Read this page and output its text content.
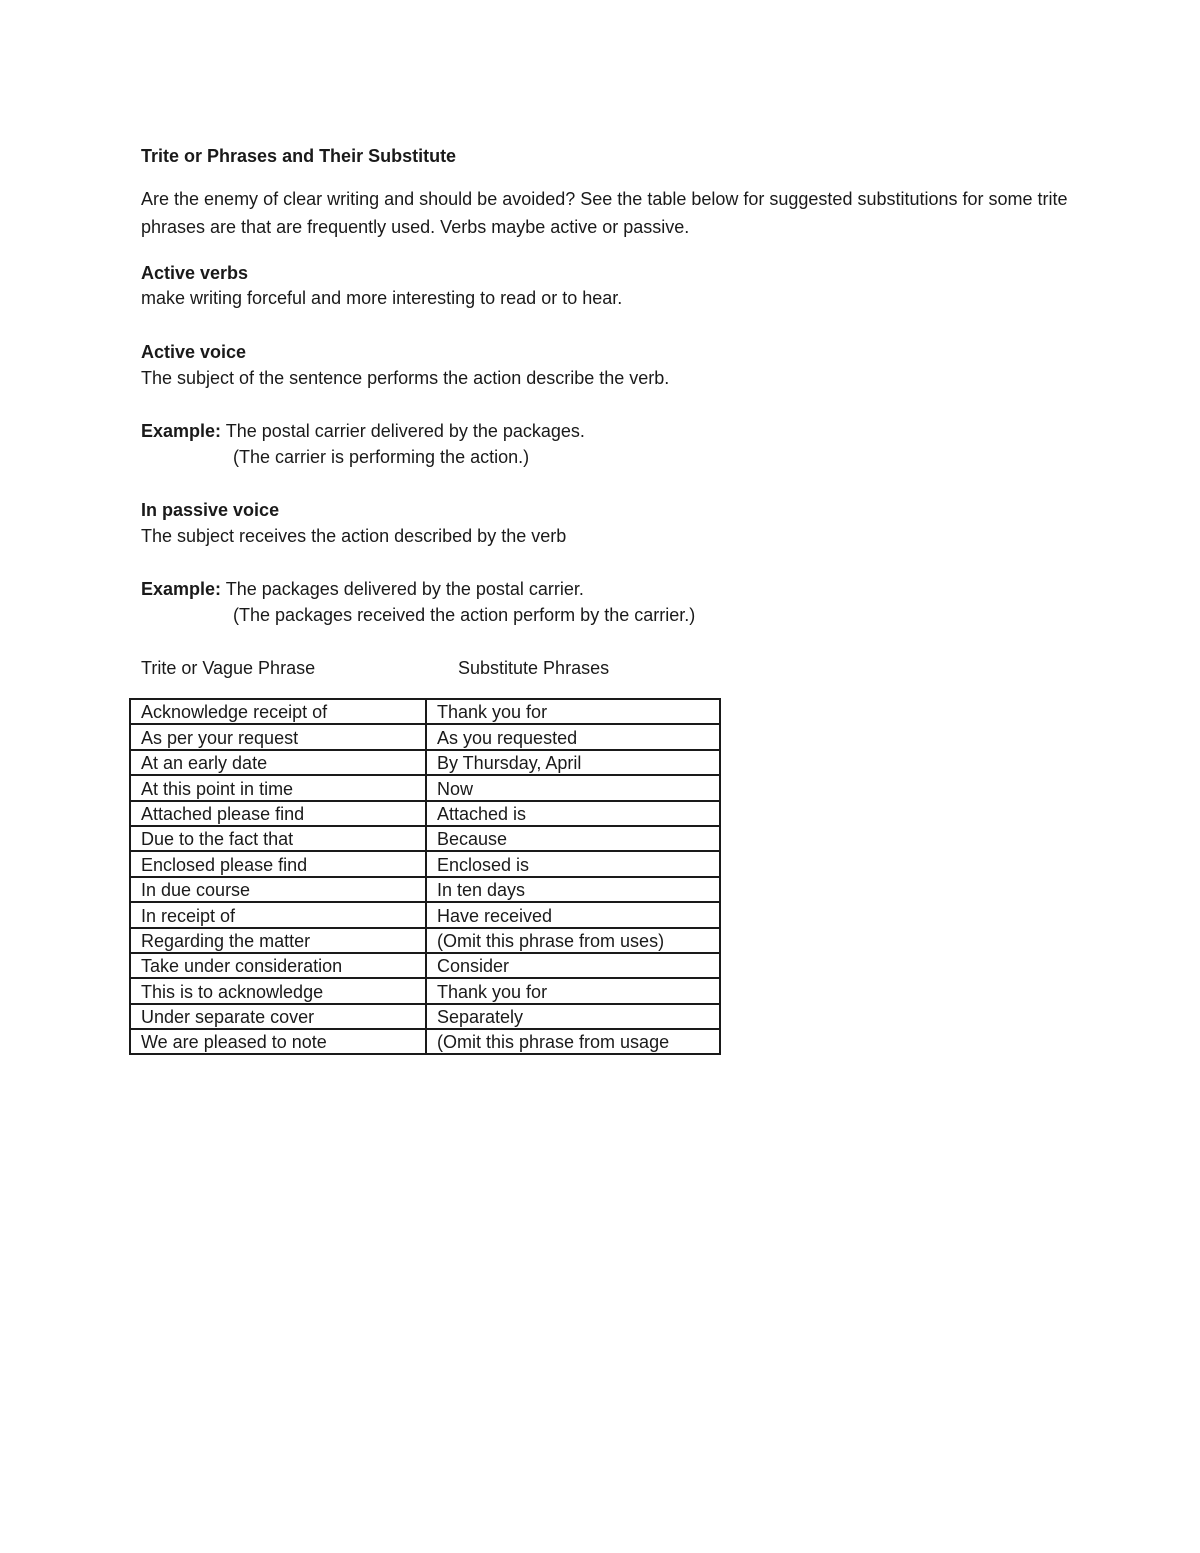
Trite or Phrases and Their Substitute
Are the enemy of clear writing and should be avoided? See the table below for suggested substitutions for some trite phrases are that are frequently used. Verbs maybe active or passive.
Active verbs
make writing forceful and more interesting to read or to hear.
Active voice
The subject of the sentence performs the action describe the verb.
Example: The postal carrier delivered by the packages.
(The carrier is performing the action.)
In passive voice
The subject receives the action described by the verb
Example: The packages delivered by the postal carrier.
(The packages received the action perform by the carrier.)
Trite or Vague Phrase	Substitute Phrases
Acknowledge receipt of	Thank you for
As per your request	As you requested
At an early date	By Thursday, April
At this point in time	Now
Attached please find	Attached is
Due to the fact that	Because
Enclosed please find	Enclosed is
In due course	In ten days
In receipt of	Have received
Regarding the matter	(Omit this phrase from uses)
Take under consideration	Consider
This is to acknowledge	Thank you for
Under separate cover	Separately
We are pleased to note	(Omit this phrase from usage
